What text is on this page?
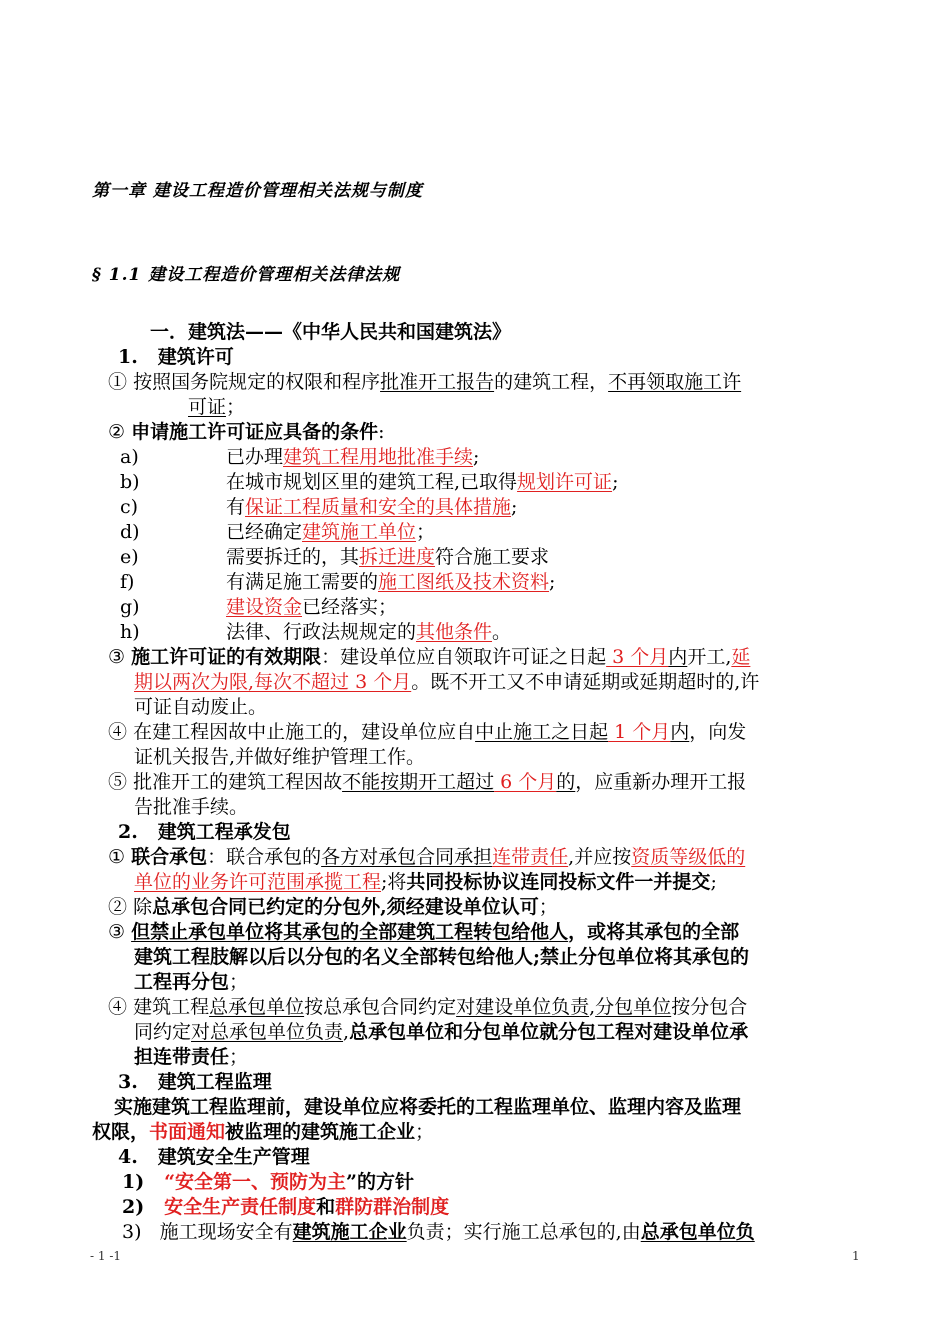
第一章 建设工程造价管理相关法规与制度
§ 1.1 建设工程造价管理相关法律法规
一．建筑法——《中华人民共和国建筑法》
1. 建筑许可
① 按照国务院规定的权限和程序批准开工报告的建筑工程，不再领取施工许
可证；
② 申请施工许可证应具备的条件:
a)	已办理建筑工程用地批准手续;
b)	在城市规划区里的建筑工程,已取得规划许可证;
c)	有保证工程质量和安全的具体措施;
d)	已经确定建筑施工单位；
e)	需要拆迁的，其拆迁进度符合施工要求
f)	有满足施工需要的施工图纸及技术资料;
g)	建设资金已经落实；
h)	法律、行政法规规定的其他条件。
③ 施工许可证的有效期限：建设单位应自领取许可证之日起 3 个月内开工,延
期以两次为限,每次不超过 3 个月。既不开工又不申请延期或延期超时的,许
可证自动废止。
④ 在建工程因故中止施工的，建设单位应自中止施工之日起 1 个月内，向发
证机关报告,并做好维护管理工作。
⑤ 批准开工的建筑工程因故不能按期开工超过 6 个月的，应重新办理开工报
告批准手续。
2. 建筑工程承发包
① 联合承包：联合承包的各方对承包合同承担连带责任,并应按资质等级低的
单位的业务许可范围承揽工程;将共同投标协议连同投标文件一并提交;
② 除总承包合同已约定的分包外,须经建设单位认可；
③ 但禁止承包单位将其承包的全部建筑工程转包给他人，或将其承包的全部
建筑工程肢解以后以分包的名义全部转包给他人;禁止分包单位将其承包的
工程再分包；
④ 建筑工程总承包单位按总承包合同约定对建设单位负责,分包单位按分包合
同约定对总承包单位负责,总承包单位和分包单位就分包工程对建设单位承
担连带责任；
3. 建筑工程监理
实施建筑工程监理前，建设单位应将委托的工程监理单位、监理内容及监理
权限，书面通知被监理的建筑施工企业；
4. 建筑安全生产管理
1) “安全第一、预防为主”的方针
2) 安全生产责任制度和群防群治制度
3) 施工现场安全有建筑施工企业负责；实行施工总承包的,由总承包单位负
- 1 -1	1
